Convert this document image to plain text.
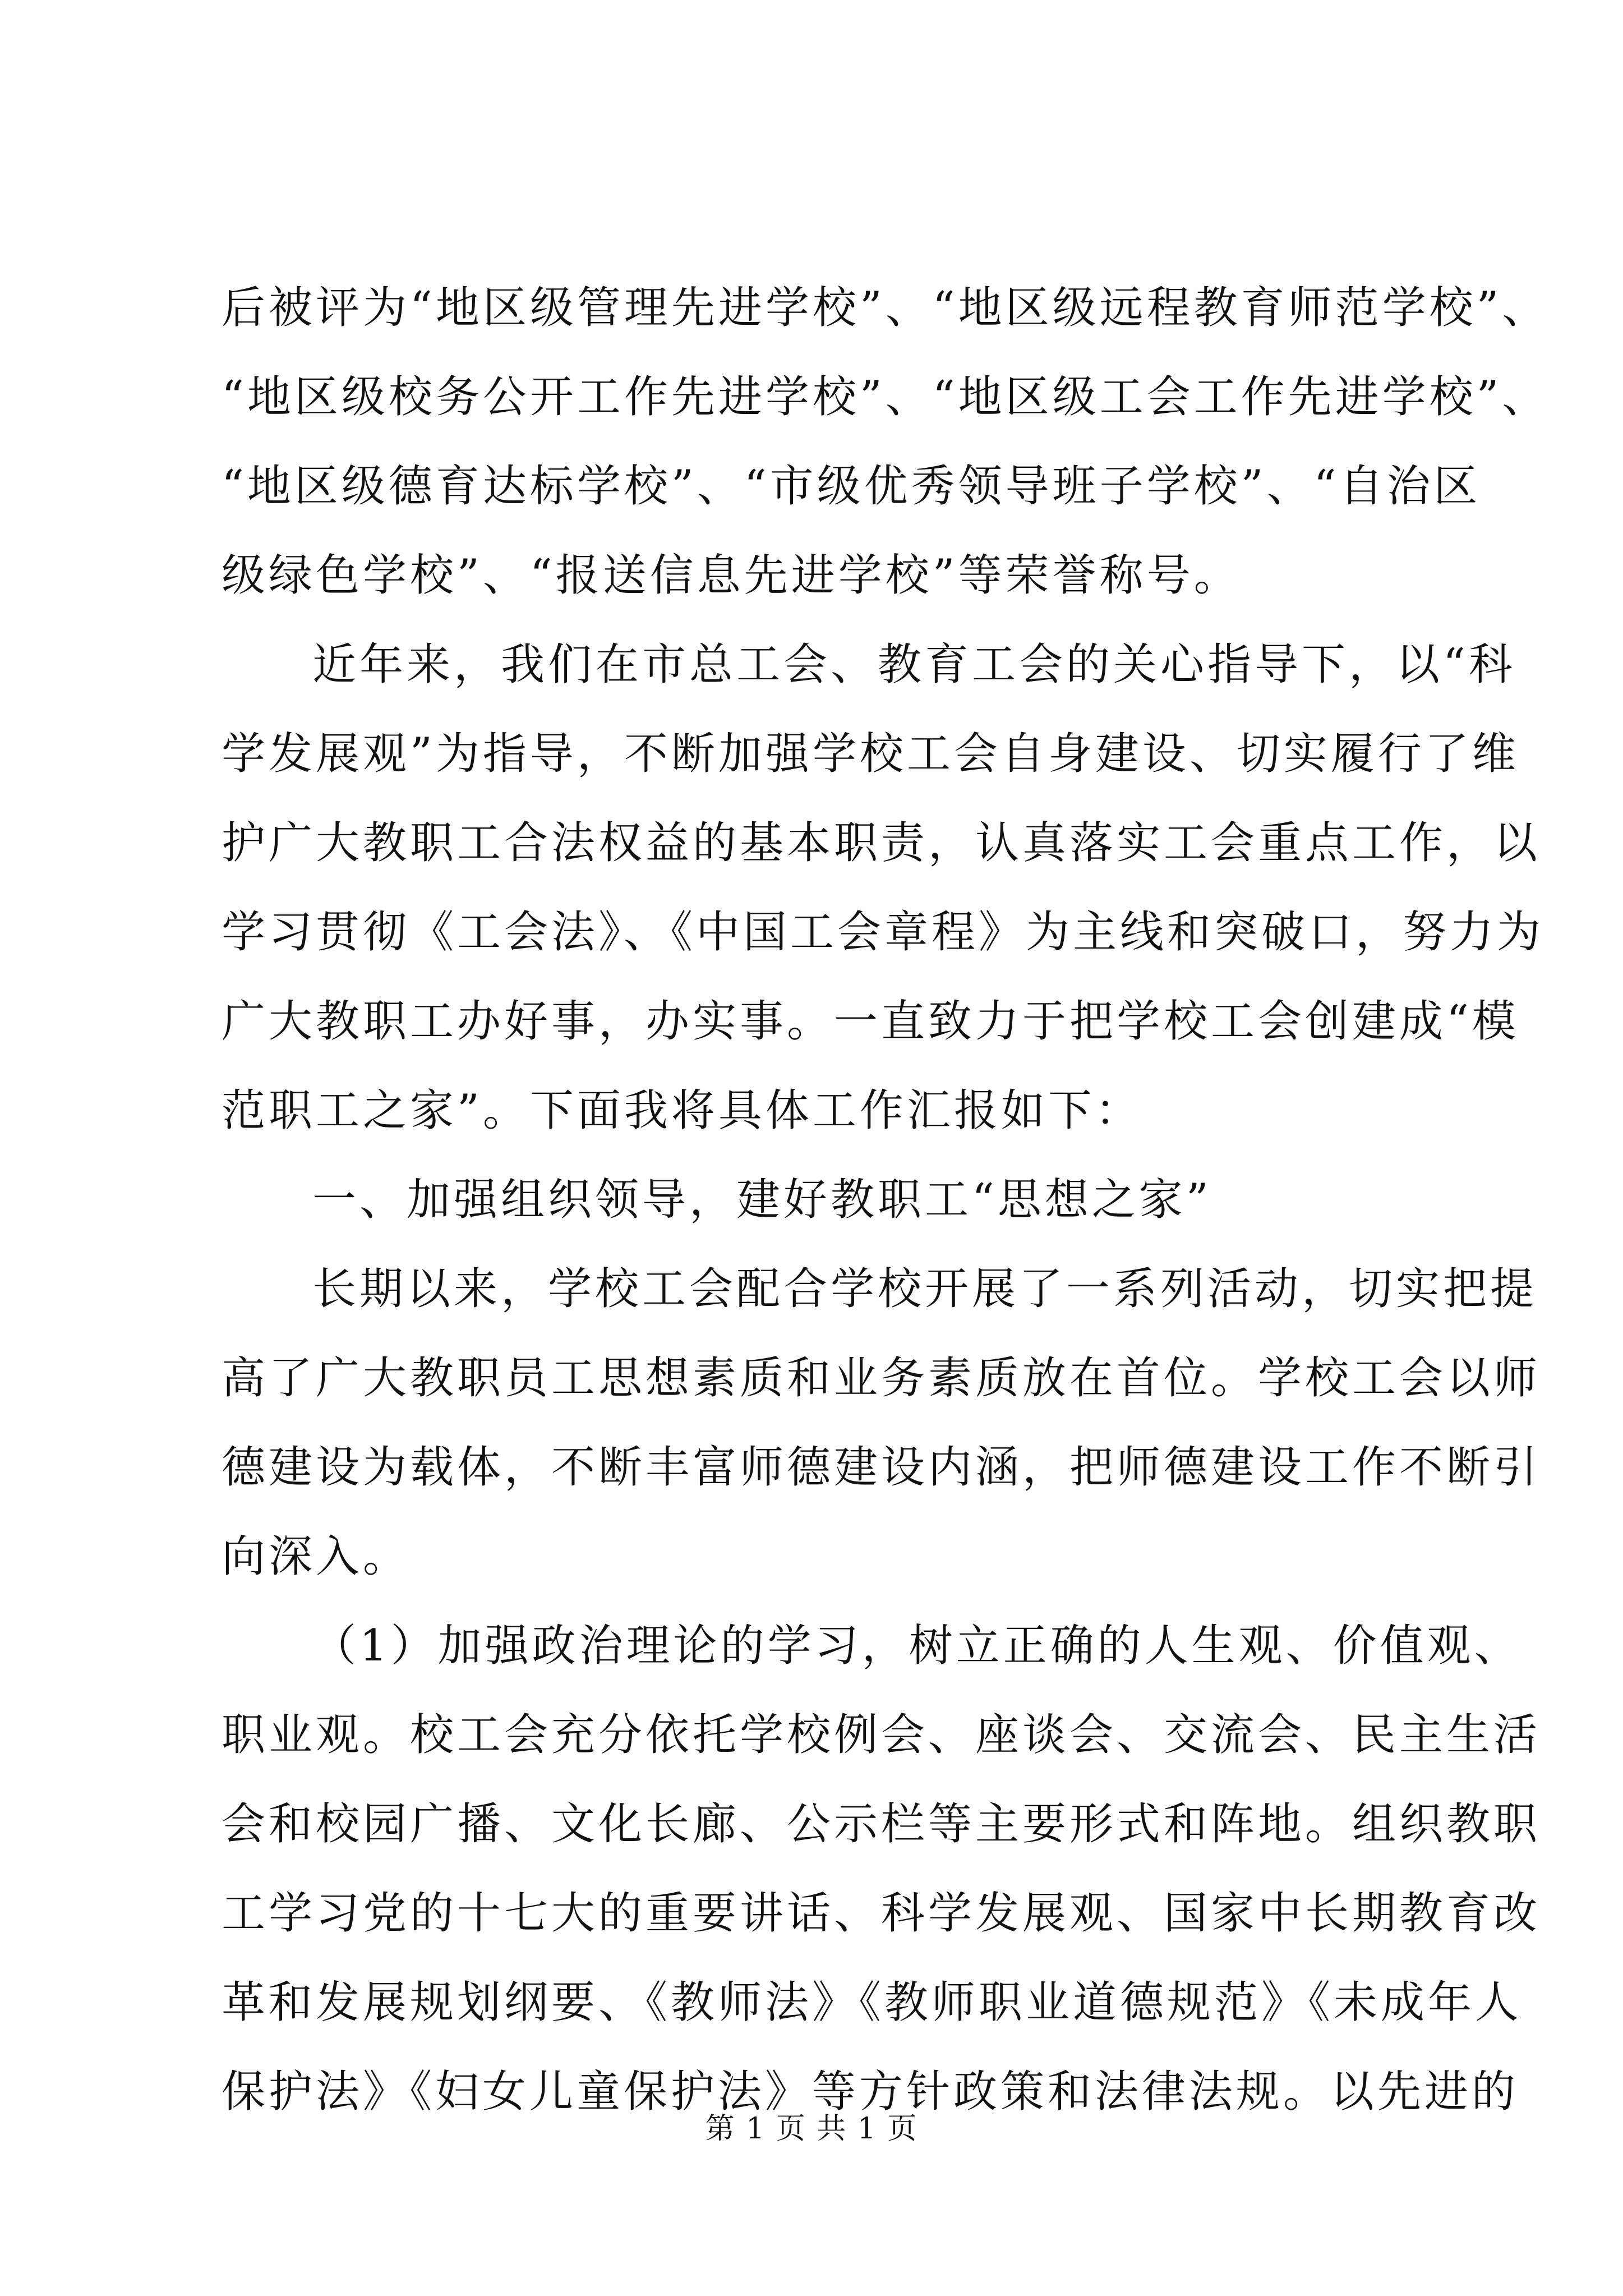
后被评为“地区级管理先进学校”、“地区级远程教育师范学校”、
“地区级校务公开工作先进学校”、“地区级工会工作先进学校”、
“地区级德育达标学校”、“市级优秀领导班子学校”、“自治区
级绿色学校”、“报送信息先进学校”等荣誉称号。
近年来，我们在市总工会、教育工会的关心指导下，以“科
学发展观”为指导，不断加强学校工会自身建设、切实履行了维
护广大教职工合法权益的基本职责，认真落实工会重点工作，以
学习贯彻《工会法》、《中国工会章程》为主线和突破口，努力为
广大教职工办好事，办实事。一直致力于把学校工会创建成“模
范职工之家”。下面我将具体工作汇报如下：
一、加强组织领导，建好教职工“思想之家”
长期以来，学校工会配合学校开展了一系列活动，切实把提
高了广大教职员工思想素质和业务素质放在首位。学校工会以师
德建设为载体，不断丰富师德建设内涵，把师德建设工作不断引
向深入。
（1）加强政治理论的学习，树立正确的人生观、价值观、
职业观。校工会充分依托学校例会、座谈会、交流会、民主生活
会和校园广播、文化长廊、公示栏等主要形式和阵地。组织教职
工学习党的十七大的重要讲话、科学发展观、国家中长期教育改
革和发展规划纲要、《教师法》《教师职业道德规范》《未成年人
保护法》《妇女儿童保护法》等方针政策和法律法规。以先进的
第 1 页 共 1 页
